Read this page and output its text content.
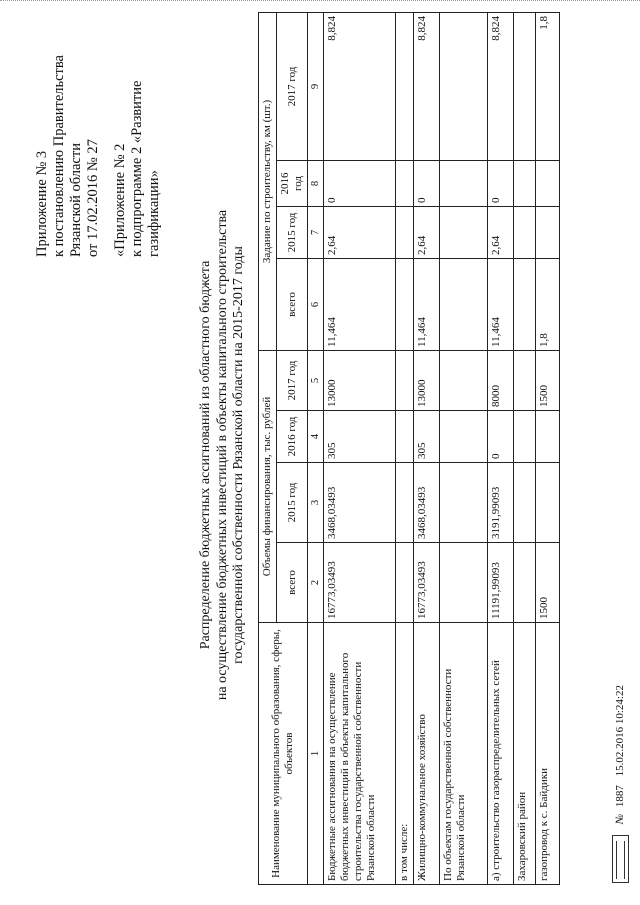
Приложение № 3 к постановлению Правительства Рязанской области от 17.02.2016 № 27 «Приложение № 2 к подпрограмме 2 «Развитие газификации»
Распределение бюджетных ассигнований из областного бюджета на осуществление бюджетных инвестиций в объекты капитального строительства государственной собственности Рязанской области на 2015-2017 годы
Наименование муниципального образования, сферы, объектов	Объемы финансирования, тыс. рублей				Задание по строительству, км (шт.)			
	всего	2015 год	2016 год	2017 год	всего	2015 год	2016 год	2017 год
1	2	3	4	5	6	7	8	9
Бюджетные ассигнования на осуществление бюджетных инвестиций в объекты капитального строительства государственной собственности Рязанской области	16773,03493	3468,03493	305	13000	11,464	2,64	0	8,824
в том числе:								
Жилищно-коммунальное хозяйство	16773,03493	3468,03493	305	13000	11,464	2,64	0	8,824
По объектам государственной собственности Рязанской области								
а) строительство газораспределительных сетей	11191,99093	3191,99093	0	8000	11,464	2,64	0	8,824
Захаровский район								
газопровод к с. Байдики	1500			1500	1,8			1,8
№ 1887 15.02.2016 10:24:22
